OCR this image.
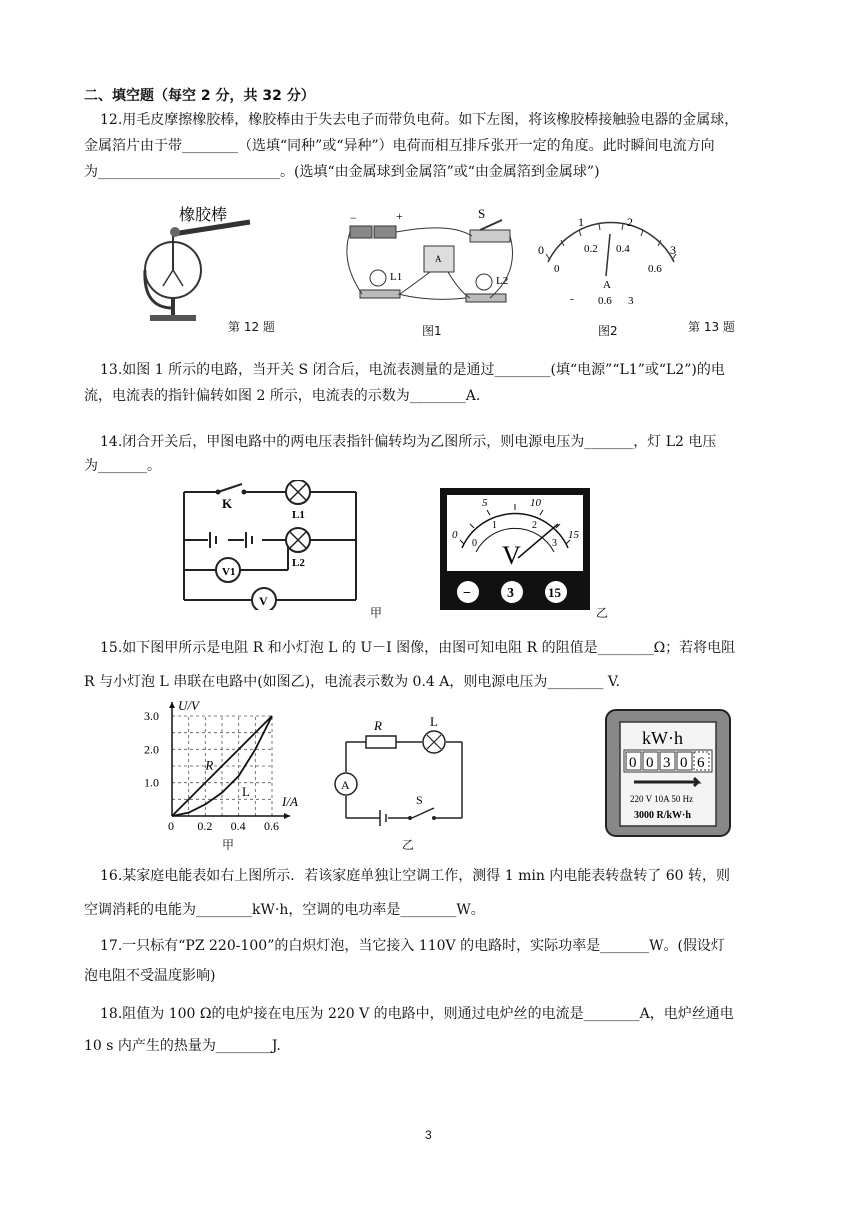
二、填空题（每空 2 分，共 32 分）
12.用毛皮摩擦橡胶棒，橡胶棒由于失去电子而带负电荷。如下左图，将该橡胶棒接触验电器的金属球，
金属箔片由于带________（选填“同种”或“异种”）电荷而相互排斥张开一定的角度。此时瞬间电流方向
为__________________________。(选填“由金属球到金属箔”或“由金属箔到金属球”)
橡胶棒
第 12 题
−	+	S
A
L1	L2
图1
1	2
0	3
0
0.2 0.4
0.6
A
- 0.6 3
图2	第 13 题
13.如图 1 所示的电路，当开关 S 闭合后，电流表测量的是通过________(填“电源”“L1”或“L2”)的电
流，电流表的指针偏转如图 2 所示，电流表的示数为________A.
14.闭合开关后，甲图电路中的两电压表指针偏转均为乙图所示，则电源电压为_______，灯 L2 电压
为_______。
K
L1
L2
V1
V
甲
0
5	10
15
0
1	2
3
V
−	3	15
乙
15.如下图甲所示是电阻 R 和小灯泡 L 的 U－I 图像，由图可知电阻 R 的阻值是________Ω；若将电阻
R 与小灯泡 L 串联在电路中(如图乙)，电流表示数为 0.4 A，则电源电压为________ V.
U/V
I/A
0 0.2 0.4 0.6
1.0
2.0
3.0
R
L
甲
R	L
A
S
乙
kW·h
0 0 3 0 6
220 V 10A 50 Hz
3000 R/kW·h
16.某家庭电能表如右上图所示．若该家庭单独让空调工作，测得 1 min 内电能表转盘转了 60 转，则
空调消耗的电能为________kW·h，空调的电功率是________W。
17.一只标有“PZ 220-100”的白炽灯泡，当它接入 110V 的电路时，实际功率是_______W。(假设灯
泡电阻不受温度影响)
18.阻值为 100 Ω的电炉接在电压为 220 V 的电路中，则通过电炉丝的电流是________A，电炉丝通电
10 s 内产生的热量为________J.
3
